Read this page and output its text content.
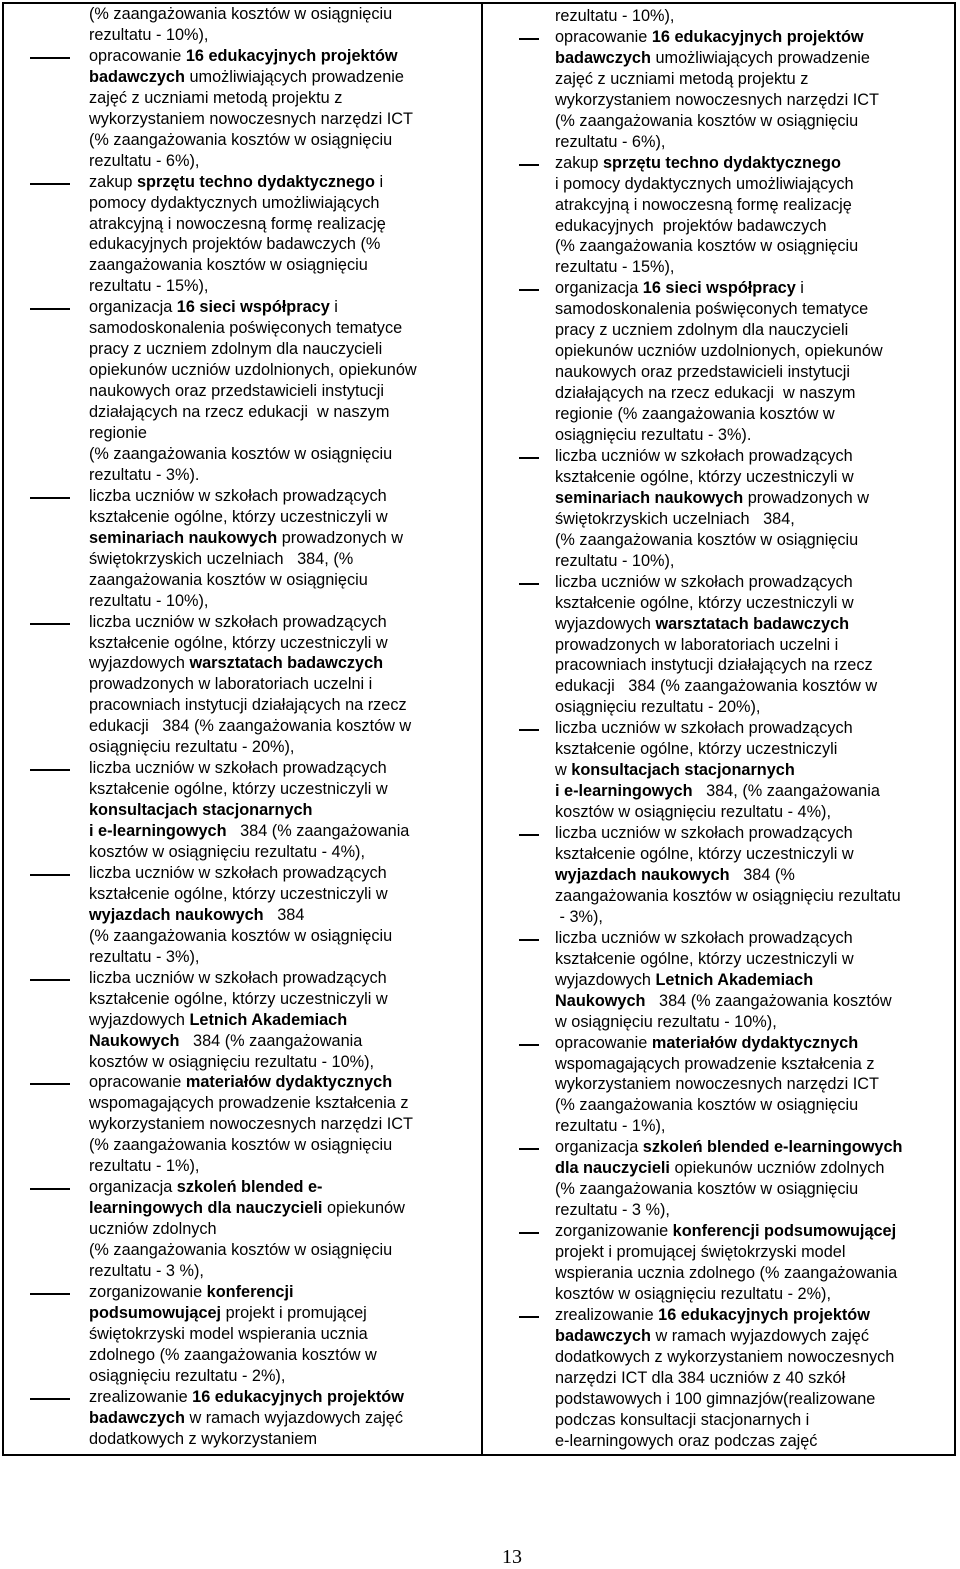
(% zaangażowania kosztów w osiągnięciu
rezultatu - 10%),
opracowanie 16 edukacyjnych projektów
badawczych umożliwiających prowadzenie
zajęć z uczniami metodą projektu z
wykorzystaniem nowoczesnych narzędzi ICT
(% zaangażowania kosztów w osiągnięciu
rezultatu - 6%),
zakup sprzętu techno dydaktycznego i
pomocy dydaktycznych umożliwiających
atrakcyjną i nowoczesną formę realizację
edukacyjnych projektów badawczych (%
zaangażowania kosztów w osiągnięciu
rezultatu - 15%),
organizacja 16 sieci współpracy i
samodoskonalenia poświęconych tematyce
pracy z uczniem zdolnym dla nauczycieli
opiekunów uczniów uzdolnionych, opiekunów
naukowych oraz przedstawicieli instytucji
działających na rzecz edukacji  w naszym
regionie
(% zaangażowania kosztów w osiągnięciu
rezultatu - 3%).
liczba uczniów w szkołach prowadzących
kształcenie ogólne, którzy uczestniczyli w
seminariach naukowych prowadzonych w
świętokrzyskich uczelniach   384, (%
zaangażowania kosztów w osiągnięciu
rezultatu - 10%),
liczba uczniów w szkołach prowadzących
kształcenie ogólne, którzy uczestniczyli w
wyjazdowych warsztatach badawczych
prowadzonych w laboratoriach uczelni i
pracowniach instytucji działających na rzecz
edukacji   384 (% zaangażowania kosztów w
osiągnięciu rezultatu - 20%),
liczba uczniów w szkołach prowadzących
kształcenie ogólne, którzy uczestniczyli w
konsultacjach stacjonarnych
i e-learningowych   384 (% zaangażowania
kosztów w osiągnięciu rezultatu - 4%),
liczba uczniów w szkołach prowadzących
kształcenie ogólne, którzy uczestniczyli w
wyjazdach naukowych   384
(% zaangażowania kosztów w osiągnięciu
rezultatu - 3%),
liczba uczniów w szkołach prowadzących
kształcenie ogólne, którzy uczestniczyli w
wyjazdowych Letnich Akademiach
Naukowych   384 (% zaangażowania
kosztów w osiągnięciu rezultatu - 10%),
opracowanie materiałów dydaktycznych
wspomagających prowadzenie kształcenia z
wykorzystaniem nowoczesnych narzędzi ICT
(% zaangażowania kosztów w osiągnięciu
rezultatu - 1%),
organizacja szkoleń blended e-
learningowych dla nauczycieli opiekunów
uczniów zdolnych
(% zaangażowania kosztów w osiągnięciu
rezultatu - 3 %),
zorganizowanie konferencji
podsumowującej projekt i promującej
świętokrzyski model wspierania ucznia
zdolnego (% zaangażowania kosztów w
osiągnięciu rezultatu - 2%),
zrealizowanie 16 edukacyjnych projektów
badawczych w ramach wyjazdowych zajęć
dodatkowych z wykorzystaniem
rezultatu - 10%),
opracowanie 16 edukacyjnych projektów
badawczych umożliwiających prowadzenie
zajęć z uczniami metodą projektu z
wykorzystaniem nowoczesnych narzędzi ICT
(% zaangażowania kosztów w osiągnięciu
rezultatu - 6%),
zakup sprzętu techno dydaktycznego
i pomocy dydaktycznych umożliwiających
atrakcyjną i nowoczesną formę realizację
edukacyjnych  projektów badawczych
(% zaangażowania kosztów w osiągnięciu
rezultatu - 15%),
organizacja 16 sieci współpracy i
samodoskonalenia poświęconych tematyce
pracy z uczniem zdolnym dla nauczycieli
opiekunów uczniów uzdolnionych, opiekunów
naukowych oraz przedstawicieli instytucji
działających na rzecz edukacji  w naszym
regionie (% zaangażowania kosztów w
osiągnięciu rezultatu - 3%).
liczba uczniów w szkołach prowadzących
kształcenie ogólne, którzy uczestniczyli w
seminariach naukowych prowadzonych w
świętokrzyskich uczelniach   384,
(% zaangażowania kosztów w osiągnięciu
rezultatu - 10%),
liczba uczniów w szkołach prowadzących
kształcenie ogólne, którzy uczestniczyli w
wyjazdowych warsztatach badawczych
prowadzonych w laboratoriach uczelni i
pracowniach instytucji działających na rzecz
edukacji   384 (% zaangażowania kosztów w
osiągnięciu rezultatu - 20%),
liczba uczniów w szkołach prowadzących
kształcenie ogólne, którzy uczestniczyli
w konsultacjach stacjonarnych
i e-learningowych   384, (% zaangażowania
kosztów w osiągnięciu rezultatu - 4%),
liczba uczniów w szkołach prowadzących
kształcenie ogólne, którzy uczestniczyli w
wyjazdach naukowych   384 (%
zaangażowania kosztów w osiągnięciu rezultatu
- 3%),
liczba uczniów w szkołach prowadzących
kształcenie ogólne, którzy uczestniczyli w
wyjazdowych Letnich Akademiach
Naukowych   384 (% zaangażowania kosztów
w osiągnięciu rezultatu - 10%),
opracowanie materiałów dydaktycznych
wspomagających prowadzenie kształcenia z
wykorzystaniem nowoczesnych narzędzi ICT
(% zaangażowania kosztów w osiągnięciu
rezultatu - 1%),
organizacja szkoleń blended e-learningowych
dla nauczycieli opiekunów uczniów zdolnych
(% zaangażowania kosztów w osiągnięciu
rezultatu - 3 %),
zorganizowanie konferencji podsumowującej
projekt i promującej świętokrzyski model
wspierania ucznia zdolnego (% zaangażowania
kosztów w osiągnięciu rezultatu - 2%),
zrealizowanie 16 edukacyjnych projektów
badawczych w ramach wyjazdowych zajęć
dodatkowych z wykorzystaniem nowoczesnych
narzędzi ICT dla 384 uczniów z 40 szkół
podstawowych i 100 gimnazjów(realizowane
podczas konsultacji stacjonarnych i
e-learningowych oraz podczas zajęć
13
